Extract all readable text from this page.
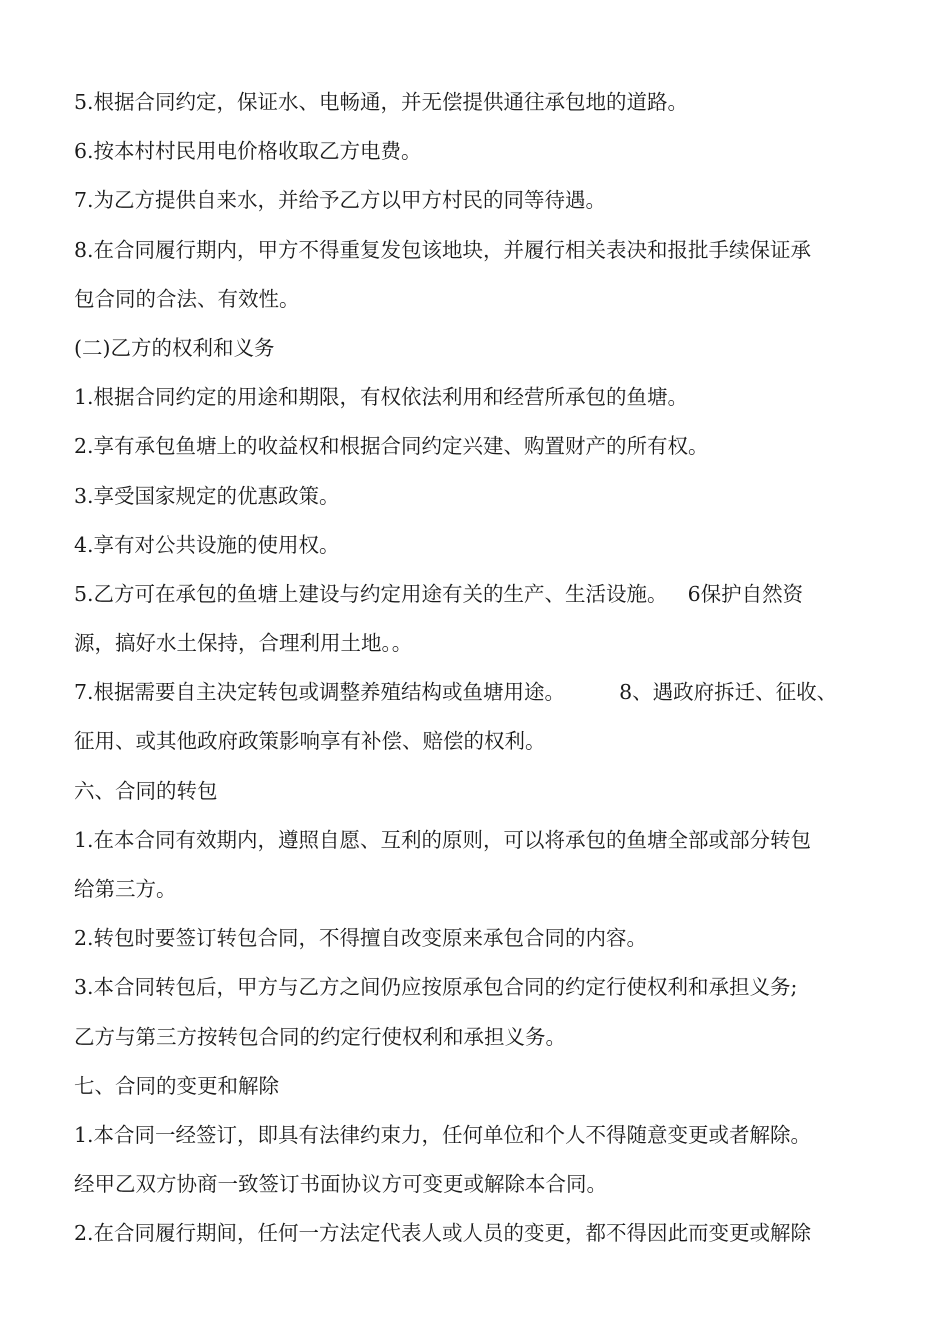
5.根据合同约定，保证水、电畅通，并无偿提供通往承包地的道路。
6.按本村村民用电价格收取乙方电费。
7.为乙方提供自来水，并给予乙方以甲方村民的同等待遇。
8.在合同履行期内，甲方不得重复发包该地块，并履行相关表决和报批手续保证承
包合同的合法、有效性。
(二)乙方的权利和义务
1.根据合同约定的用途和期限，有权依法利用和经营所承包的鱼塘。
2.享有承包鱼塘上的收益权和根据合同约定兴建、购置财产的所有权。
3.享受国家规定的优惠政策。
4.享有对公共设施的使用权。
5.乙方可在承包的鱼塘上建设与约定用途有关的生产、生活设施。 6保护自然资
源，搞好水土保持，合理利用土地。。
7.根据需要自主决定转包或调整养殖结构或鱼塘用途。	8、遇政府拆迁、征收、
征用、或其他政府政策影响享有补偿、赔偿的权利。
六、合同的转包
1.在本合同有效期内，遵照自愿、互利的原则，可以将承包的鱼塘全部或部分转包
给第三方。
2.转包时要签订转包合同，不得擅自改变原来承包合同的内容。
3.本合同转包后，甲方与乙方之间仍应按原承包合同的约定行使权利和承担义务;
乙方与第三方按转包合同的约定行使权利和承担义务。
七、合同的变更和解除
1.本合同一经签订，即具有法律约束力，任何单位和个人不得随意变更或者解除。
经甲乙双方协商一致签订书面协议方可变更或解除本合同。
2.在合同履行期间，任何一方法定代表人或人员的变更，都不得因此而变更或解除
